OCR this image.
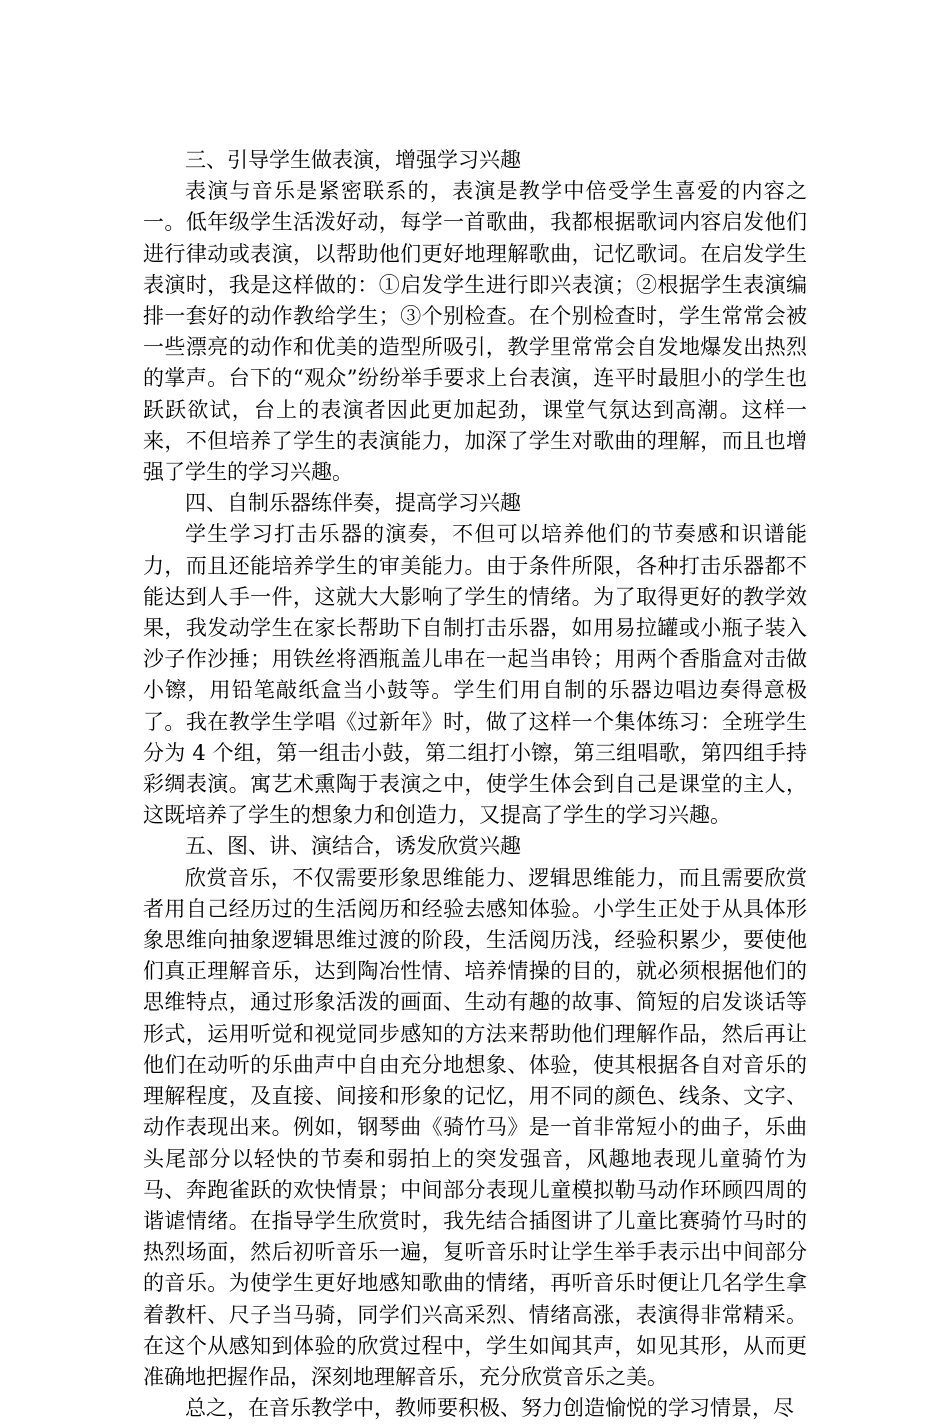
三、引导学生做表演，增强学习兴趣

表演与音乐是紧密联系的，表演是教学中倍受学生喜爱的内容之一。低年级学生活泼好动，每学一首歌曲，我都根据歌词内容启发他们进行律动或表演，以帮助他们更好地理解歌曲，记忆歌词。在启发学生表演时，我是这样做的：①启发学生进行即兴表演；②根据学生表演编排一套好的动作教给学生；③个别检查。在个别检查时，学生常常会被一些漂亮的动作和优美的造型所吸引，教学里常常会自发地爆发出热烈的掌声。台下的“观众”纷纷举手要求上台表演，连平时最胆小的学生也跃跃欲试，台上的表演者因此更加起劲，课堂气氛达到高潮。这样一来，不但培养了学生的表演能力，加深了学生对歌曲的理解，而且也增强了学生的学习兴趣。

四、自制乐器练伴奏，提高学习兴趣

学生学习打击乐器的演奏，不但可以培养他们的节奏感和识谱能力，而且还能培养学生的审美能力。由于条件所限，各种打击乐器都不能达到人手一件，这就大大影响了学生的情绪。为了取得更好的教学效果，我发动学生在家长帮助下自制打击乐器，如用易拉罐或小瓶子装入沙子作沙捶；用铁丝将酒瓶盖儿串在一起当串铃；用两个香脂盒对击做小镲，用铅笔敲纸盒当小鼓等。学生们用自制的乐器边唱边奏得意极了。我在教学生学唱《过新年》时，做了这样一个集体练习：全班学生分为 4 个组，第一组击小鼓，第二组打小镲，第三组唱歌，第四组手持彩绸表演。寓艺术熏陶于表演之中，使学生体会到自己是课堂的主人，这既培养了学生的想象力和创造力，又提高了学生的学习兴趣。

五、图、讲、演结合，诱发欣赏兴趣

欣赏音乐，不仅需要形象思维能力、逻辑思维能力，而且需要欣赏者用自己经历过的生活阅历和经验去感知体验。小学生正处于从具体形象思维向抽象逻辑思维过渡的阶段，生活阅历浅，经验积累少，要使他们真正理解音乐，达到陶冶性情、培养情操的目的，就必须根据他们的思维特点，通过形象活泼的画面、生动有趣的故事、简短的启发谈话等形式，运用听觉和视觉同步感知的方法来帮助他们理解作品，然后再让他们在动听的乐曲声中自由充分地想象、体验，使其根据各自对音乐的理解程度，及直接、间接和形象的记忆，用不同的颜色、线条、文字、动作表现出来。例如，钢琴曲《骑竹马》是一首非常短小的曲子，乐曲头尾部分以轻快的节奏和弱拍上的突发强音，风趣地表现儿童骑竹为马、奔跑雀跃的欢快情景；中间部分表现儿童模拟勒马动作环顾四周的谐谑情绪。在指导学生欣赏时，我先结合插图讲了儿童比赛骑竹马时的热烈场面，然后初听音乐一遍，复听音乐时让学生举手表示出中间部分的音乐。为使学生更好地感知歌曲的情绪，再听音乐时便让几名学生拿着教杆、尺子当马骑，同学们兴高采烈、情绪高涨，表演得非常精采。在这个从感知到体验的欣赏过程中，学生如闻其声，如见其形，从而更准确地把握作品，深刻地理解音乐，充分欣赏音乐之美。

总之，在音乐教学中，教师要积极、努力创造愉悦的学习情景，尽
